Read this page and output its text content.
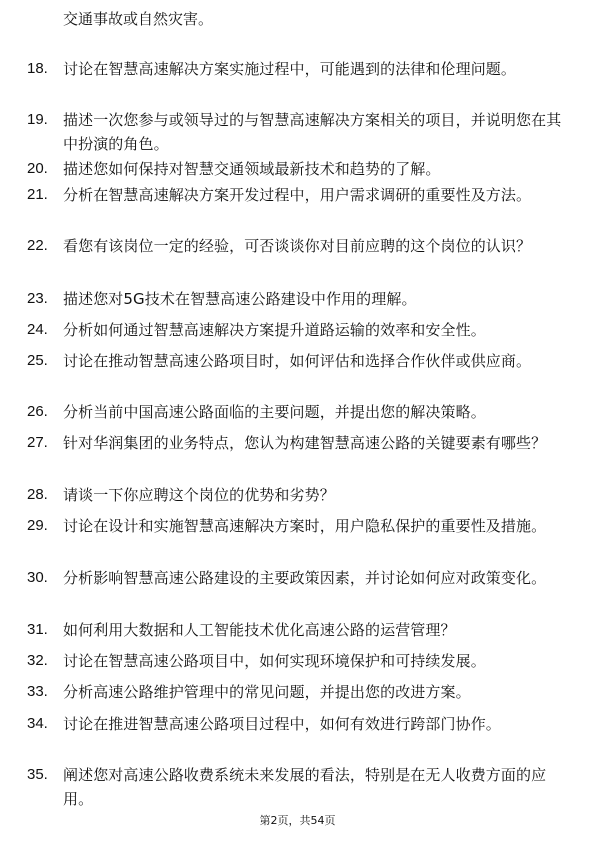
交通事故或自然灾害。
18.	讨论在智慧高速解决方案实施过程中，可能遇到的法律和伦理问题。
19.	描述一次您参与或领导过的与智慧高速解决方案相关的项目，并说明您在其中扮演的角色。
20.	描述您如何保持对智慧交通领域最新技术和趋势的了解。
21.	分析在智慧高速解决方案开发过程中，用户需求调研的重要性及方法。
22.	看您有该岗位一定的经验，可否谈谈你对目前应聘的这个岗位的认识？
23.	描述您对5G技术在智慧高速公路建设中作用的理解。
24.	分析如何通过智慧高速解决方案提升道路运输的效率和安全性。
25.	讨论在推动智慧高速公路项目时，如何评估和选择合作伙伴或供应商。
26.	分析当前中国高速公路面临的主要问题，并提出您的解决策略。
27.	针对华润集团的业务特点，您认为构建智慧高速公路的关键要素有哪些？
28.	请谈一下你应聘这个岗位的优势和劣势？
29.	讨论在设计和实施智慧高速解决方案时，用户隐私保护的重要性及措施。
30.	分析影响智慧高速公路建设的主要政策因素，并讨论如何应对政策变化。
31.	如何利用大数据和人工智能技术优化高速公路的运营管理？
32.	讨论在智慧高速公路项目中，如何实现环境保护和可持续发展。
33.	分析高速公路维护管理中的常见问题，并提出您的改进方案。
34.	讨论在推进智慧高速公路项目过程中，如何有效进行跨部门协作。
35.	阐述您对高速公路收费系统未来发展的看法，特别是在无人收费方面的应用。
第2页，共54页
